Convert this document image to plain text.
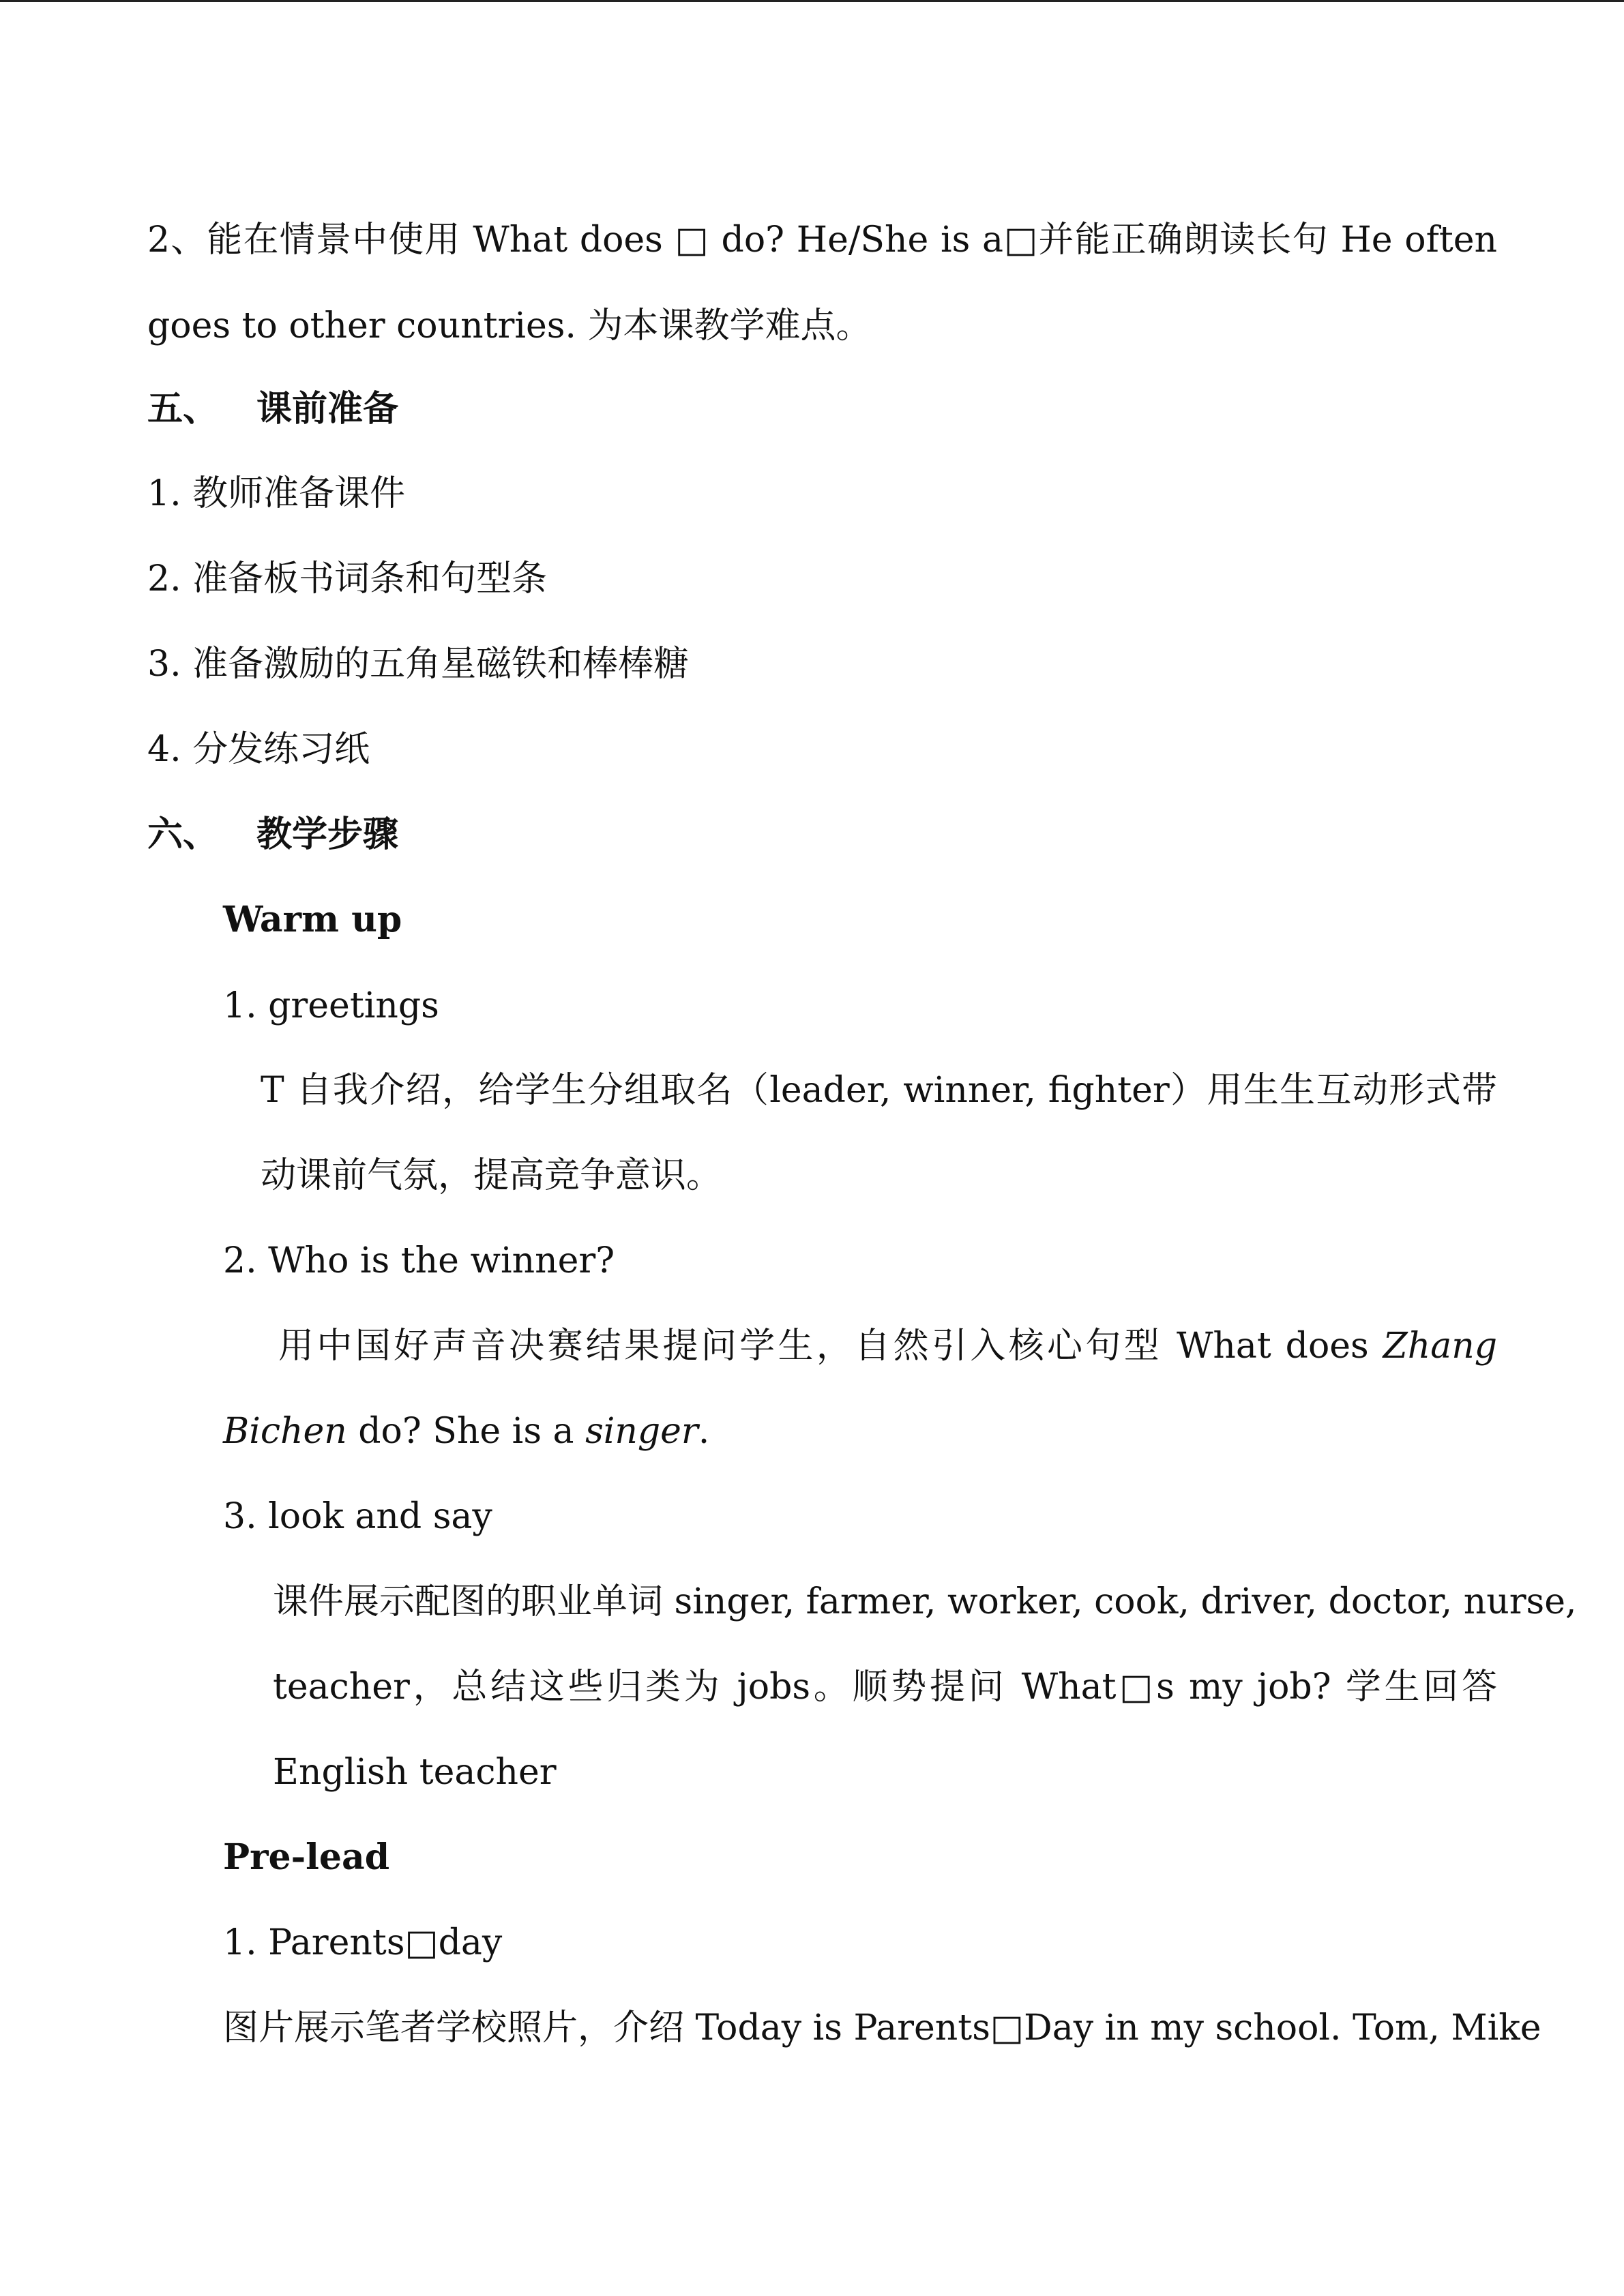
2、能在情景中使用 What does □ do? He/She is a□并能正确朗读长句 He often
goes to other countries. 为本课教学难点。
五、 课前准备
1. 教师准备课件
2. 准备板书词条和句型条
3. 准备激励的五角星磁铁和棒棒糖
4. 分发练习纸
六、 教学步骤
Warm up
1. greetings
T 自我介绍，给学生分组取名（leader, winner, fighter）用生生互动形式带
动课前气氛，提高竞争意识。
2. Who is the winner?
用中国好声音决赛结果提问学生，自然引入核心句型 What does Zhang
Bichen do? She is a singer.
3. look and say
课件展示配图的职业单词 singer, farmer, worker, cook, driver, doctor, nurse,
teacher，总结这些归类为 jobs。顺势提问 What□s my job? 学生回答
English teacher
Pre-lead
1. Parents□day
图片展示笔者学校照片，介绍 Today is Parents□Day in my school. Tom, Mike
